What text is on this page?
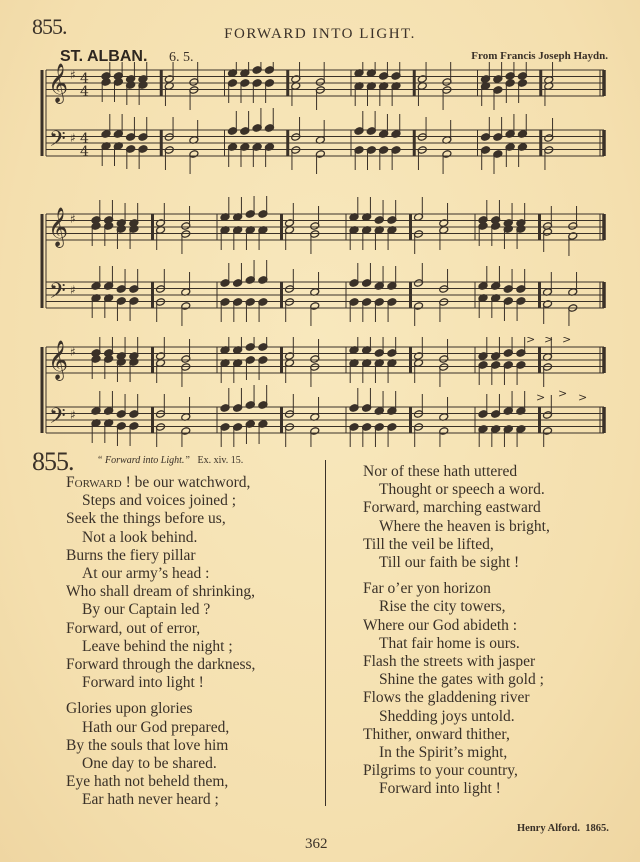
855.	FORWARD INTO LIGHT.
ST. ALBAN. 6. 5.	From Francis Joseph Haydn.
𝄞
𝄢
♯
♯
4
4
4
4
𝄞
𝄢
♯
♯
𝄞
𝄢
♯
♯
> > >
> > >
855. “ Forward into Light.” Ex. xiv. 15.
Forward ! be our watchword,
Steps and voices joined ;
Seek the things before us,
Not a look behind.
Burns the fiery pillar
At our army’s head :
Who shall dream of shrinking,
By our Captain led ?
Forward, out of error,
Leave behind the night ;
Forward through the darkness,
Forward into light !
Glories upon glories
Hath our God prepared,
By the souls that love him
One day to be shared.
Eye hath not beheld them,
Ear hath never heard ;
Nor of these hath uttered
Thought or speech a word.
Forward, marching eastward
Where the heaven is bright,
Till the veil be lifted,
Till our faith be sight !
Far o’er yon horizon
Rise the city towers,
Where our God abideth :
That fair home is ours.
Flash the streets with jasper
Shine the gates with gold ;
Flows the gladdening river
Shedding joys untold.
Thither, onward thither,
In the Spirit’s might,
Pilgrims to your country,
Forward into light !
362
Henry Alford. 1865.
